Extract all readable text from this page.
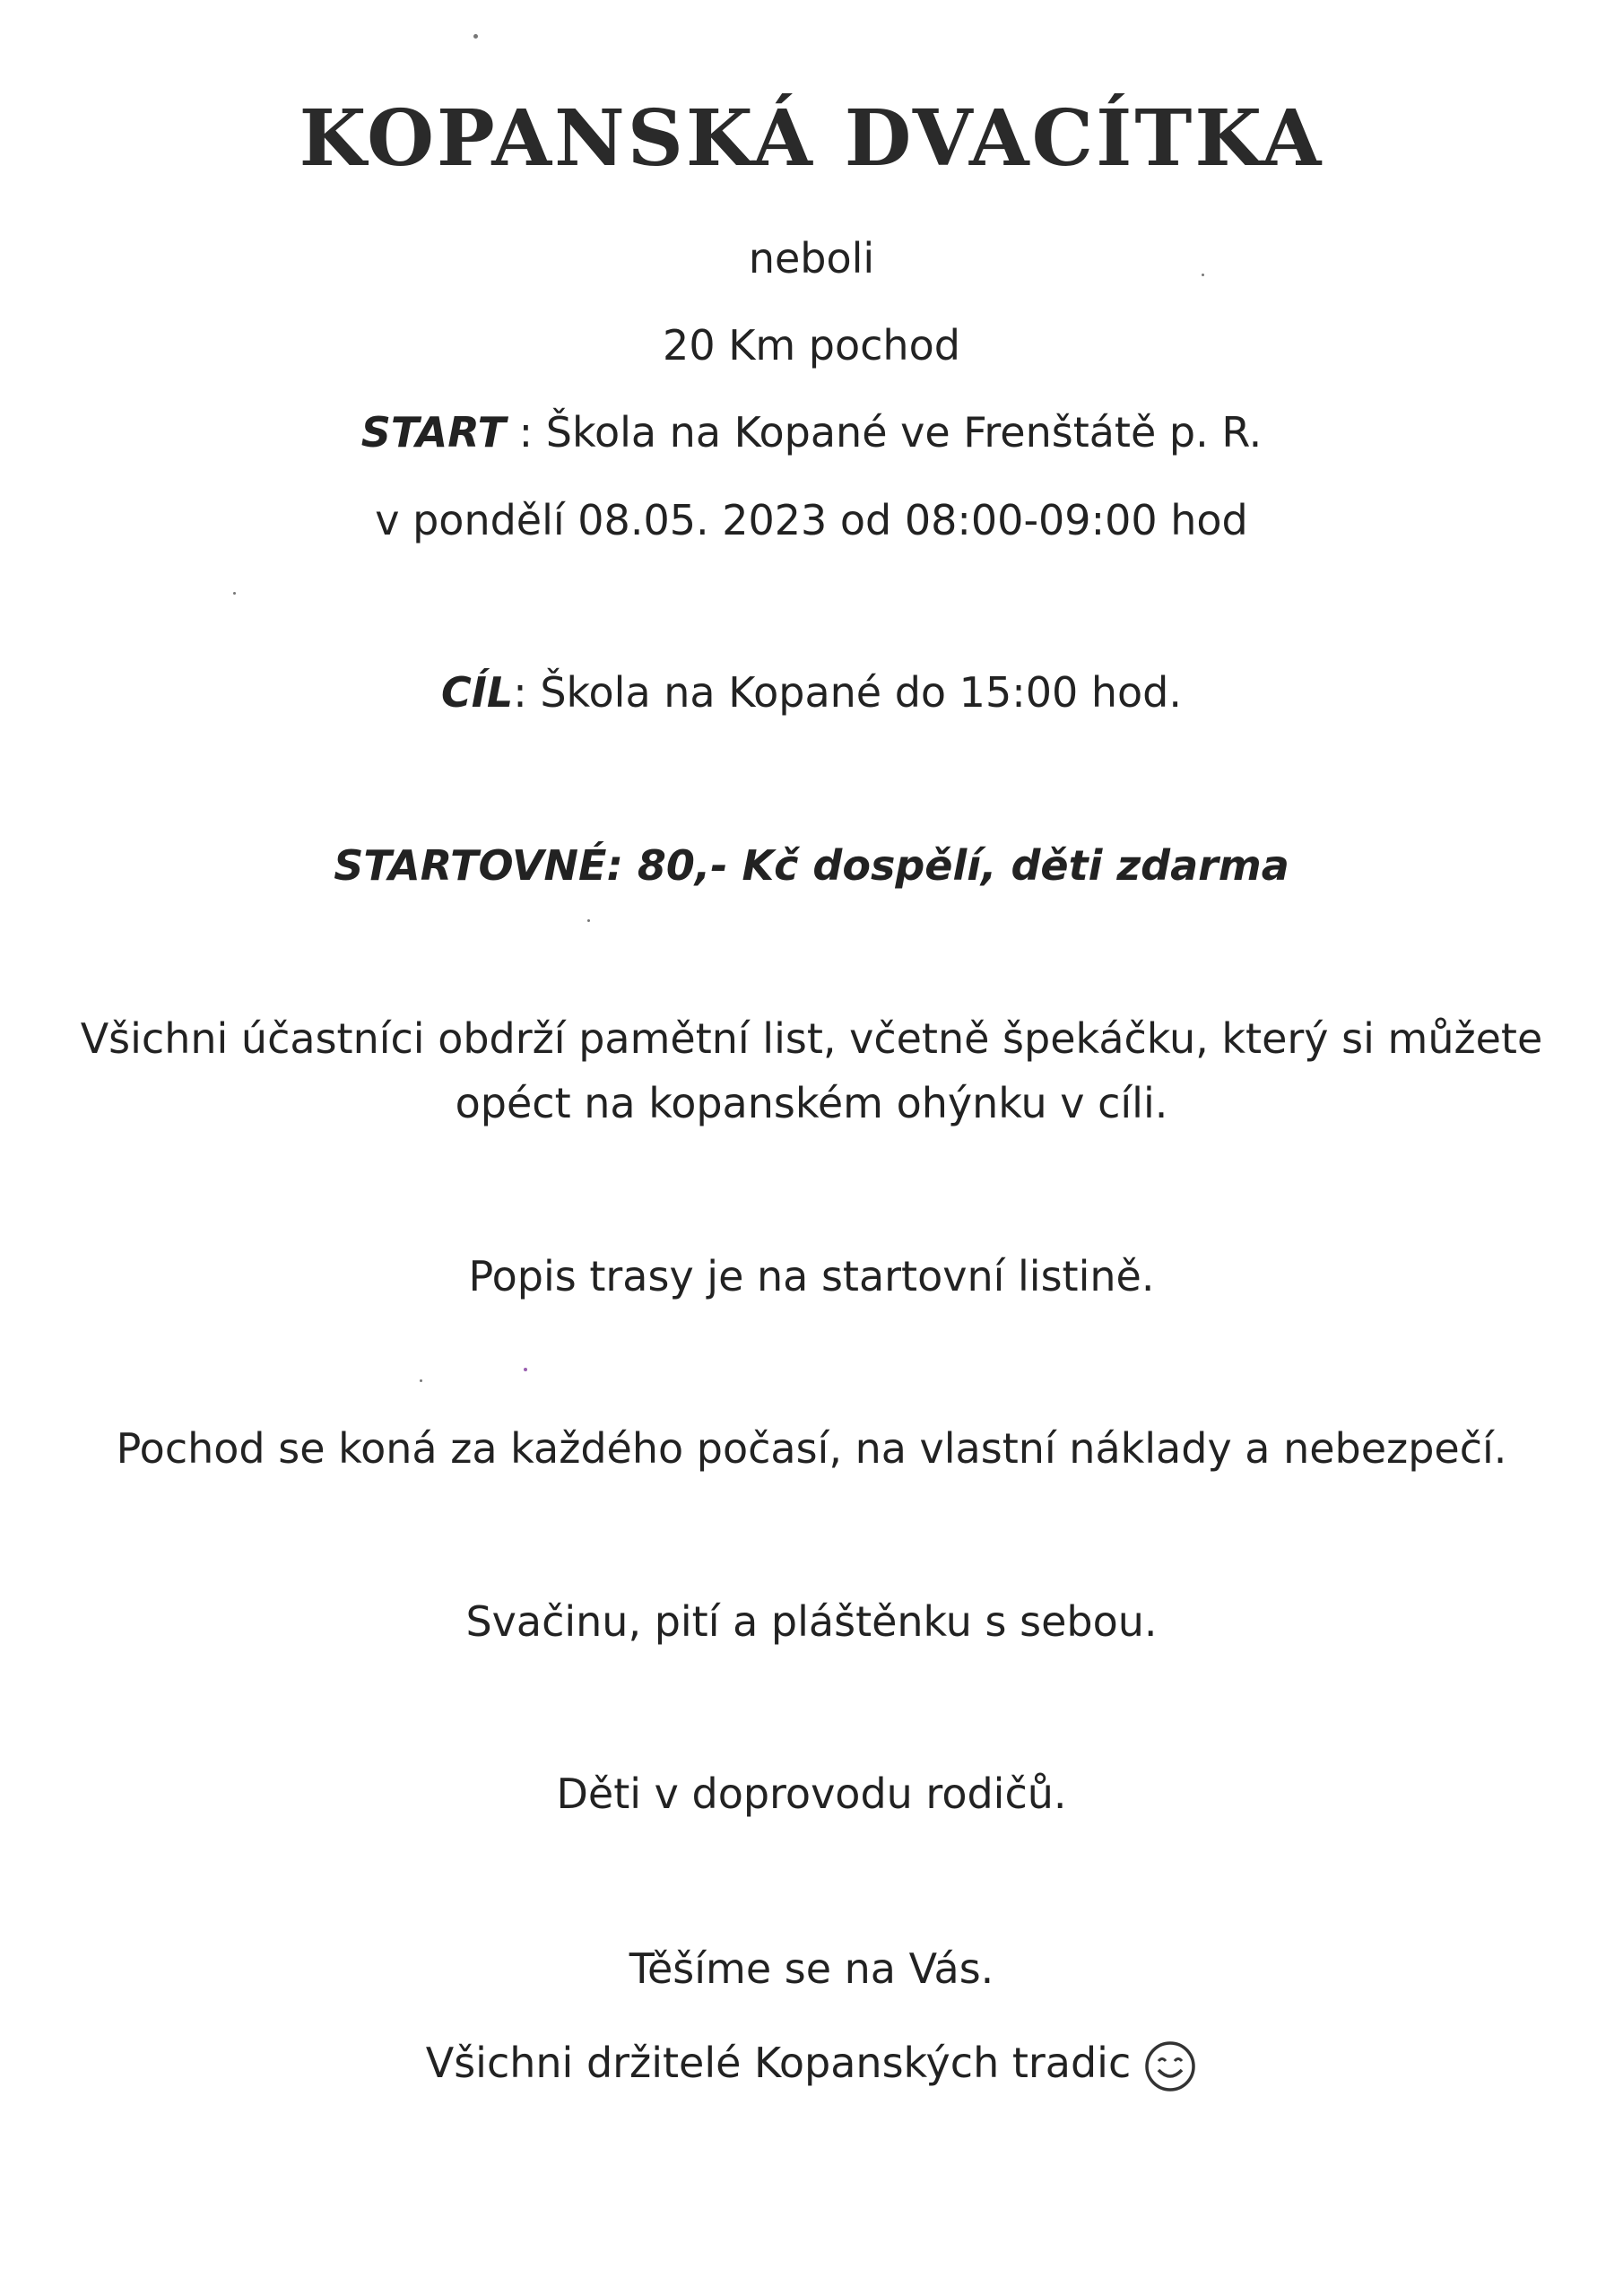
KOPANSKÁ DVACÍTKA
neboli
20 Km pochod
START : Škola na Kopané ve Frenštátě p. R.
v pondělí 08.05. 2023 od 08:00-09:00 hod
CÍL: Škola na Kopané do 15:00 hod.
STARTOVNÉ: 80,- Kč dospělí, děti zdarma
Všichni účastníci obdrží pamětní list, včetně špekáčku, který si můžete
opéct na kopanském ohýnku v cíli.
Popis trasy je na startovní listině.
Pochod se koná za každého počasí, na vlastní náklady a nebezpečí.
Svačinu, pití a pláštěnku s sebou.
Děti v doprovodu rodičů.
Těšíme se na Vás.
Všichni držitelé Kopanských tradic
